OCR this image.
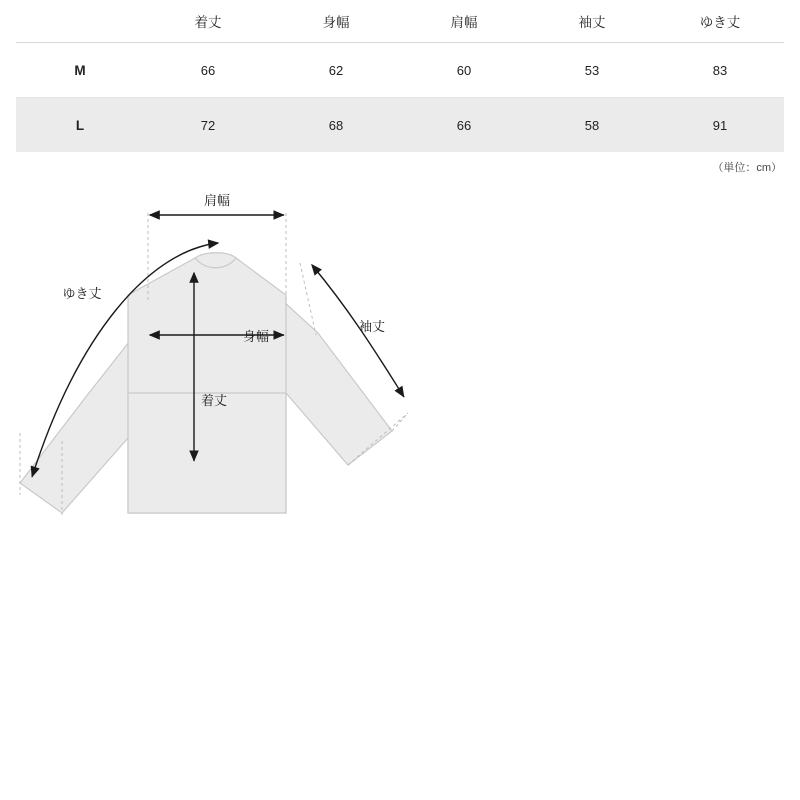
	着丈	身幅	肩幅	袖丈	ゆき丈
M	66	62	60	53	83
L	72	68	66	58	91
（単位：cm）
肩幅
ゆき丈
袖丈
身幅
着丈
